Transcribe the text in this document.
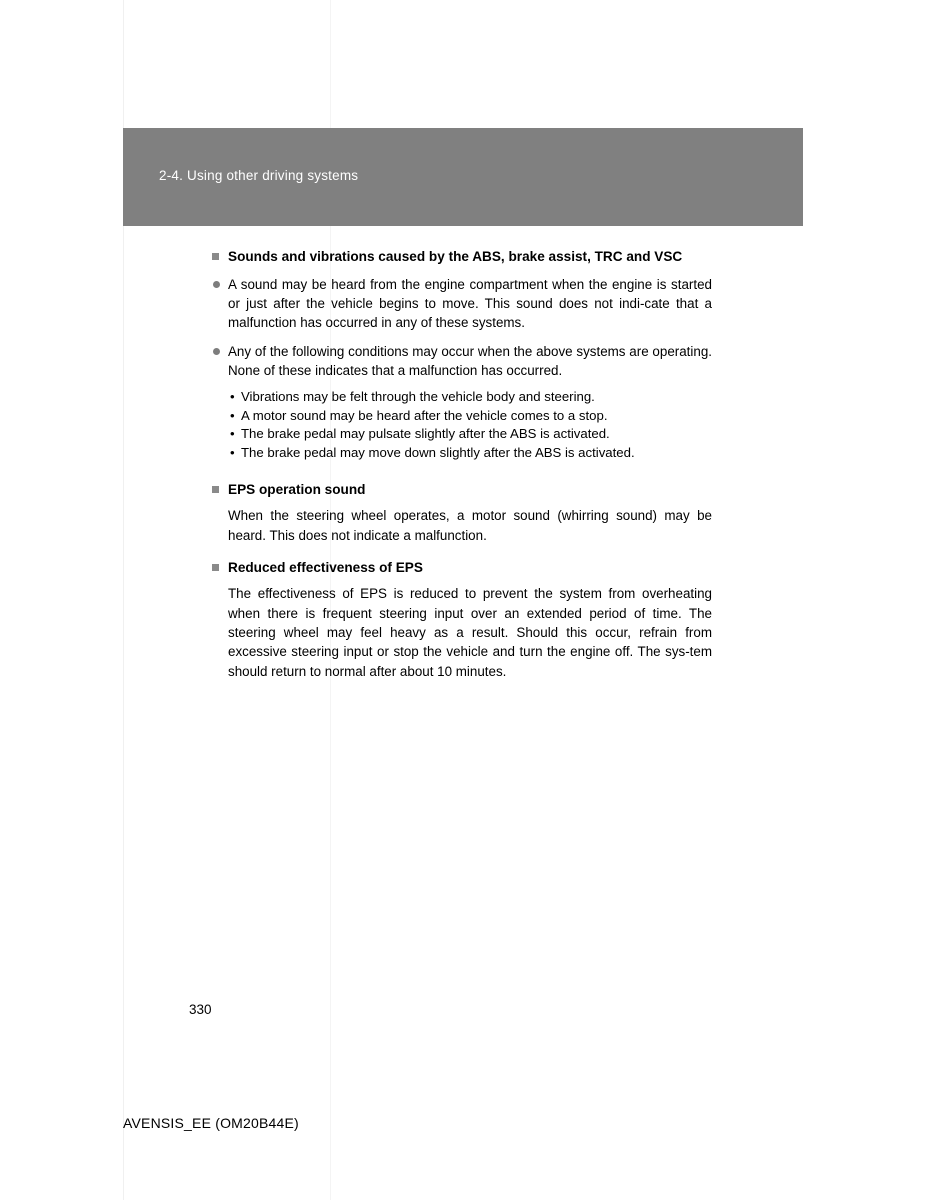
2-4. Using other driving systems
Sounds and vibrations caused by the ABS, brake assist, TRC and VSC

A sound may be heard from the engine compartment when the engine is started or just after the vehicle begins to move. This sound does not indi-cate that a malfunction has occurred in any of these systems.

Any of the following conditions may occur when the above systems are operating. None of these indicates that a malfunction has occurred.

• Vibrations may be felt through the vehicle body and steering.
• A motor sound may be heard after the vehicle comes to a stop.
• The brake pedal may pulsate slightly after the ABS is activated.
• The brake pedal may move down slightly after the ABS is activated.
EPS operation sound

When the steering wheel operates, a motor sound (whirring sound) may be heard. This does not indicate a malfunction.

Reduced effectiveness of EPS

The effectiveness of EPS is reduced to prevent the system from overheating when there is frequent steering input over an extended period of time. The steering wheel may feel heavy as a result. Should this occur, refrain from excessive steering input or stop the vehicle and turn the engine off. The sys-tem should return to normal after about 10 minutes.

330
AVENSIS_EE (OM20B44E)
